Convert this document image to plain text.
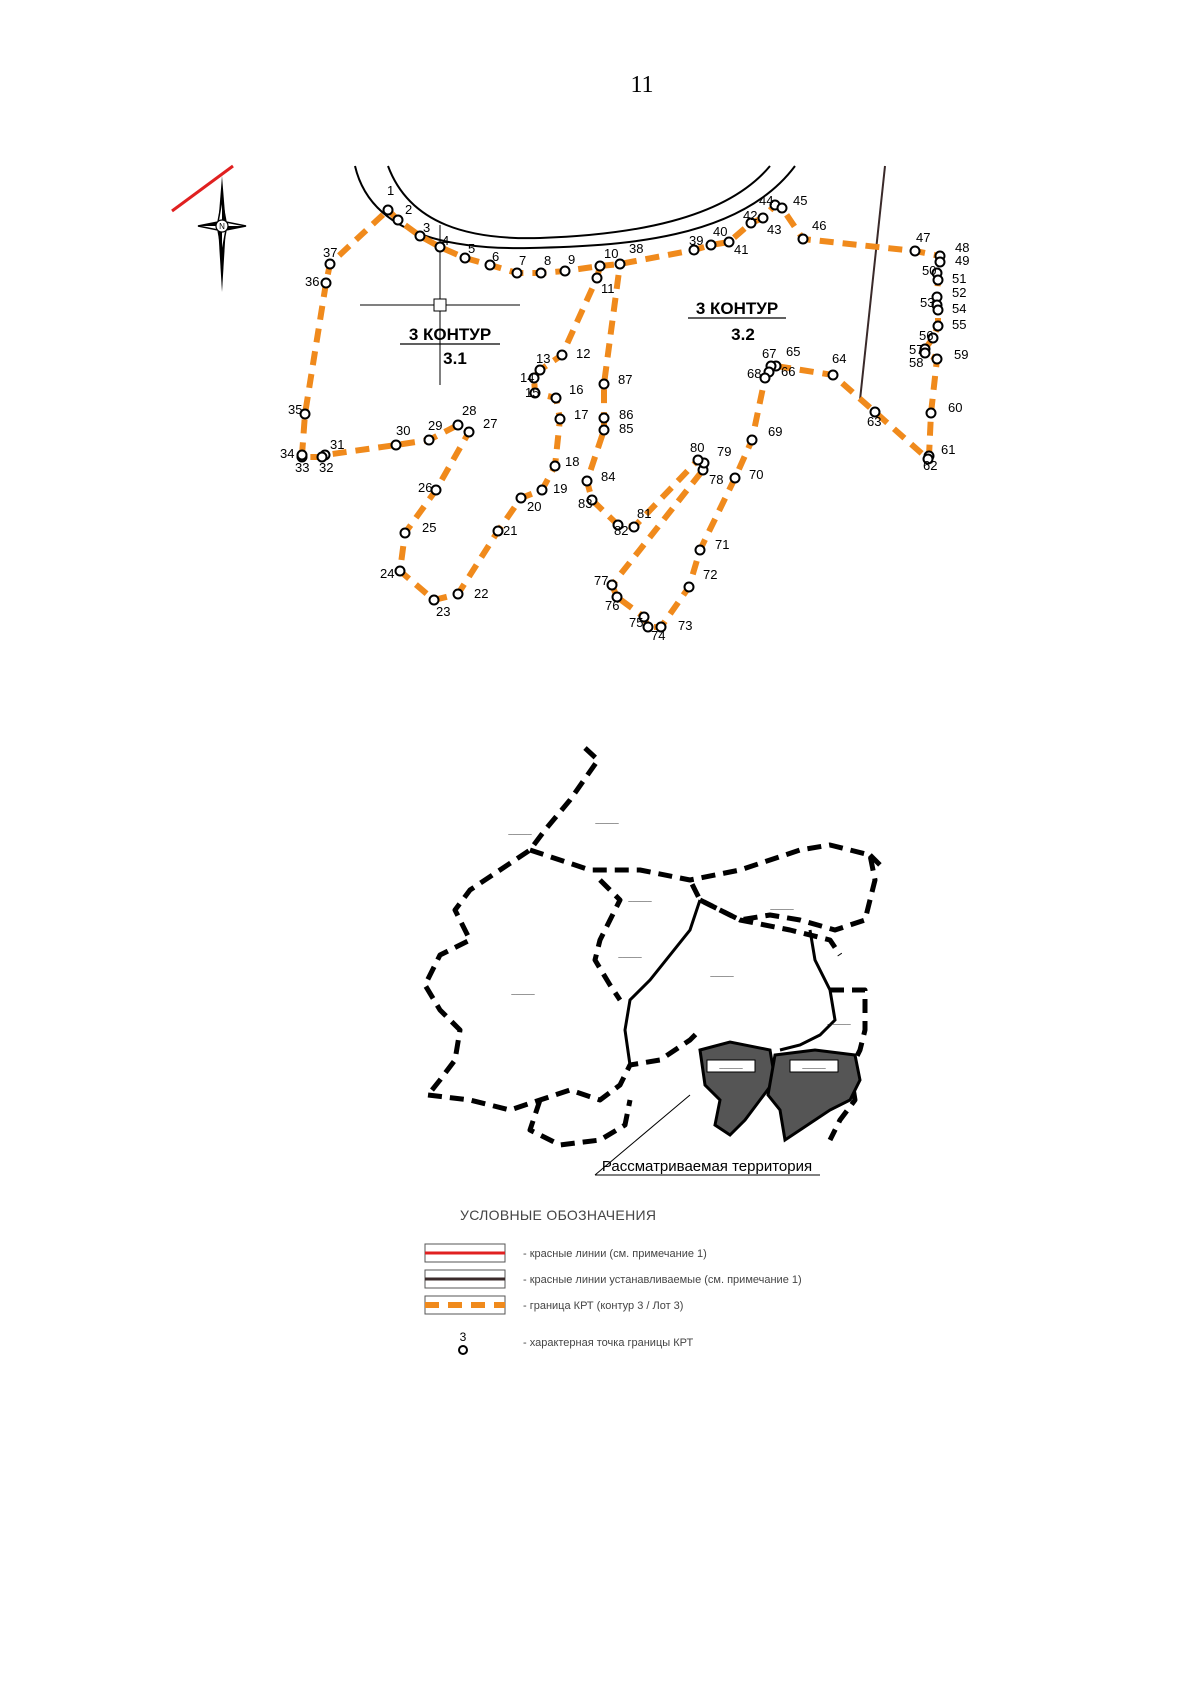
11
N
1
2
3
4
5
6 7 8 9 10
11
12
13
14
15 16
17
18
19
20
21
22
23
24
25
26
27
28
29
30
31
32
33
34
35
36
37	38
39
40
41
42
43
44 45
46
47
48
49
50
51
52
53 54
55
56
57
58
59
60
61
62
63
64
65
66
67
68
69
70
71
72
73
74
75
76
77
78
79
80
81
82
83
84
85
86
87
3 КОНТУР
3.1
3 КОНТУР
3.2
Рассматриваемая территория
______
______
______
______
______
______
______
______
______	______
УСЛОВНЫЕ ОБОЗНАЧЕНИЯ
- красные линии (см. примечание 1)
- красные линии устанавливаемые (см. примечание 1)
- граница КРТ (контур 3 / Лот 3)
3	- характерная точка границы КРТ
